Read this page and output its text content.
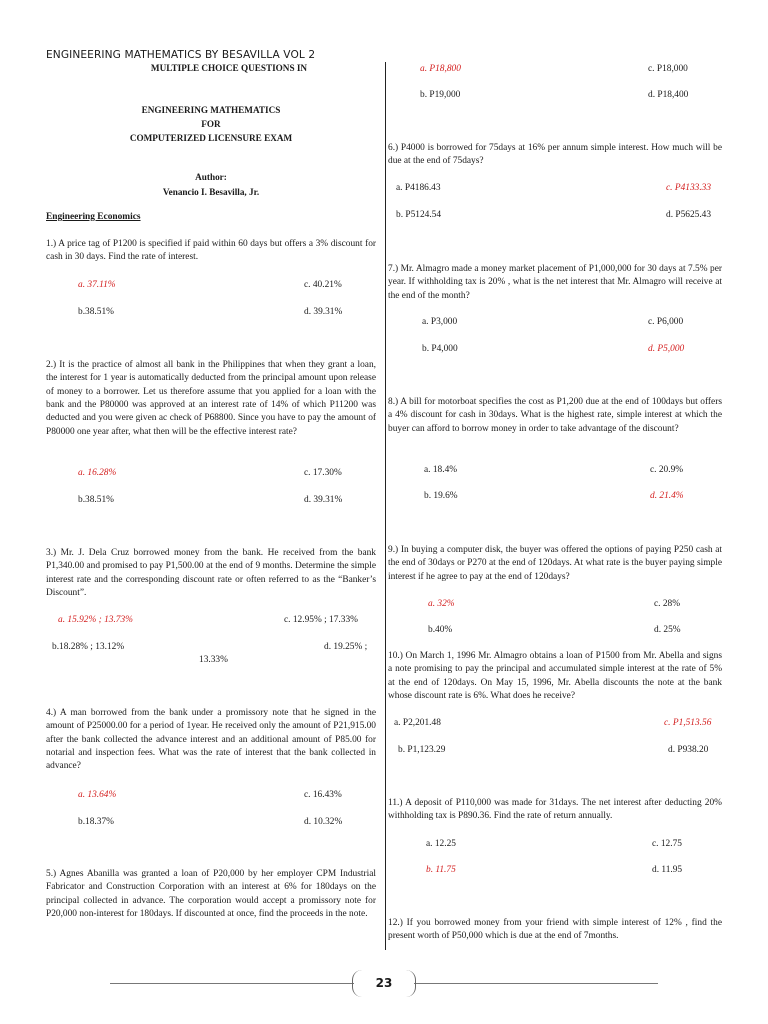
ENGINEERING MATHEMATICS BY BESAVILLA VOL 2
MULTIPLE CHOICE QUESTIONS IN
ENGINEERING MATHEMATICS
FOR
COMPUTERIZED LICENSURE EXAM
Author:
Venancio I. Besavilla, Jr.
Engineering Economics
1.) A price tag of P1200 is specified if paid within 60 days but offers a 3% discount for cash in 30 days. Find the rate of interest.
a. 37.11%	c. 40.21%
b.38.51%	d. 39.31%
2.) It is the practice of almost all bank in the Philippines that when they grant a loan, the interest for 1 year is automatically deducted from the principal amount upon release of money to a borrower. Let us therefore assume that you applied for a loan with the bank and the P80000 was approved at an interest rate of 14% of which P11200 was deducted and you were given ac check of P68800. Since you have to pay the amount of P80000 one year after, what then will be the effective interest rate?
a. 16.28%	c. 17.30%
b.38.51%	d. 39.31%
3.) Mr. J. Dela Cruz borrowed money from the bank. He received from the bank P1,340.00 and promised to pay P1,500.00 at the end of 9 months. Determine the simple interest rate and the corresponding discount rate or often referred to as the “Banker’s Discount”.
a. 15.92% ; 13.73%	c. 12.95% ; 17.33%
b.18.28% ; 13.12%	d. 19.25% ;
13.33%
4.) A man borrowed from the bank under a promissory note that he signed in the amount of P25000.00 for a period of 1year. He received only the amount of P21,915.00 after the bank collected the advance interest and an additional amount of P85.00 for notarial and inspection fees. What was the rate of interest that the bank collected in advance?
a. 13.64%	c. 16.43%
b.18.37%	d. 10.32%
5.) Agnes Abanilla was granted a loan of P20,000 by her employer CPM Industrial Fabricator and Construction Corporation with an interest at 6% for 180days on the principal collected in advance. The corporation would accept a promissory note for P20,000 non-interest for 180days. If discounted at once, find the proceeds in the note.
a. P18,800	c. P18,000
b. P19,000	d. P18,400
6.) P4000 is borrowed for 75days at 16% per annum simple interest. How much will be due at the end of 75days?
a. P4186.43	c. P4133.33
b. P5124.54	d. P5625.43
7.) Mr. Almagro made a money market placement of P1,000,000 for 30 days at 7.5% per year. If withholding tax is 20% , what is the net interest that Mr. Almagro will receive at the end of the month?
a. P3,000	c. P6,000
b. P4,000	d. P5,000
8.) A bill for motorboat specifies the cost as P1,200 due at the end of 100days but offers a 4% discount for cash in 30days. What is the highest rate, simple interest at which the buyer can afford to borrow money in order to take advantage of the discount?
a. 18.4%	c. 20.9%
b. 19.6%	d. 21.4%
9.) In buying a computer disk, the buyer was offered the options of paying P250 cash at the end of 30days or P270 at the end of 120days. At what rate is the buyer paying simple interest if he agree to pay at the end of 120days?
a. 32%	c. 28%
b.40%	d. 25%
10.) On March 1, 1996 Mr. Almagro obtains a loan of P1500 from Mr. Abella and signs a note promising to pay the principal and accumulated simple interest at the rate of 5% at the end of 120days. On May 15, 1996, Mr. Abella discounts the note at the bank whose discount rate is 6%. What does he receive?
a. P2,201.48	c. P1,513.56
b. P1,123.29	d. P938.20
11.) A deposit of P110,000 was made for 31days. The net interest after deducting 20% withholding tax is P890.36. Find the rate of return annually.
a. 12.25	c. 12.75
b. 11.75	d. 11.95
12.) If you borrowed money from your friend with simple interest of 12% , find the present worth of P50,000 which is due at the end of 7months.
23
